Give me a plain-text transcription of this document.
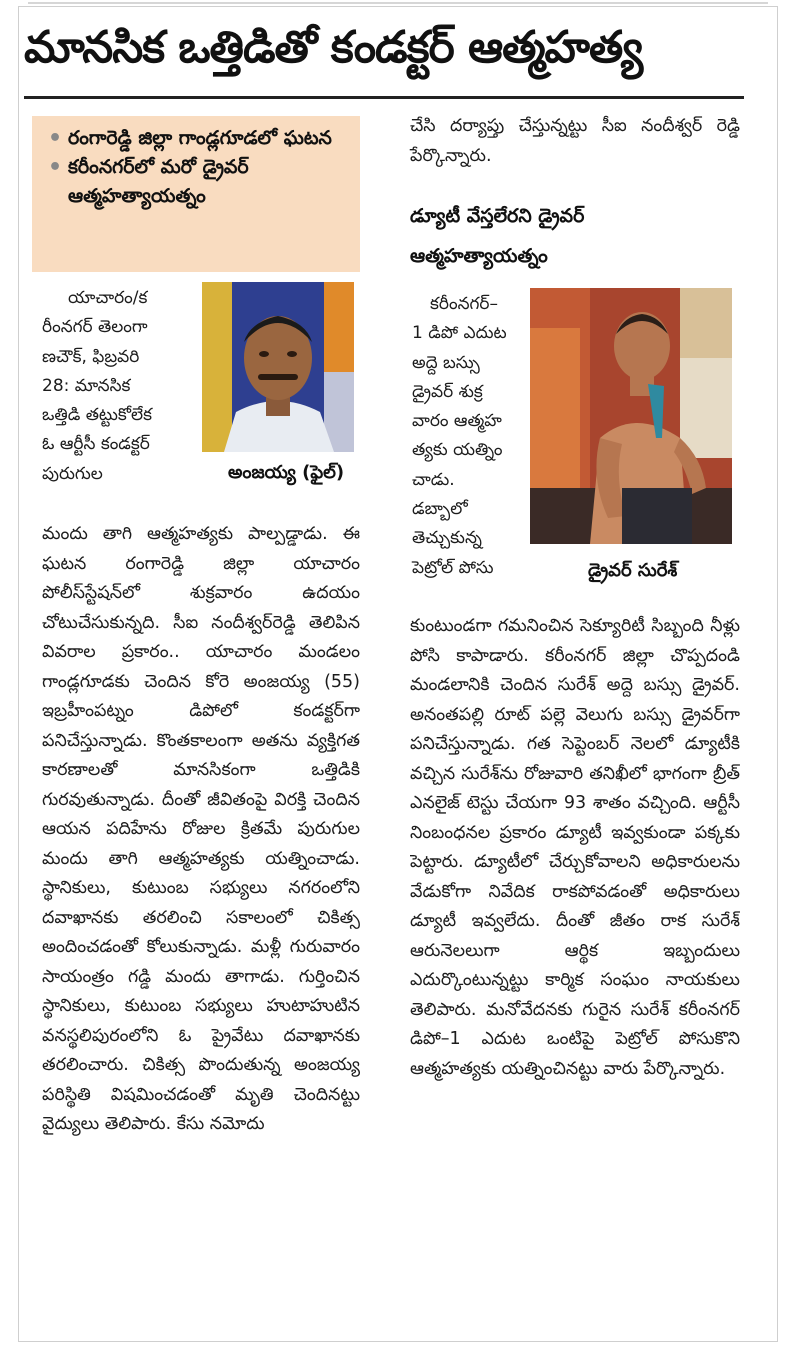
మానసిక ఒత్తిడితో కండక్టర్ ఆత్మహత్య
• రంగారెడ్డి జిల్లా గాండ్లగూడలో ఘటన
• కరీంనగర్‌లో మరో డ్రైవర్ ఆత్మహత్యాయత్నం
యాచారం/క
రీంనగర్ తెలంగా
ణచౌక్, ఫిబ్రవరి
28: మానసిక
ఒత్తిడి తట్టుకోలేక
ఓ ఆర్టీసీ కండక్టర్
పురుగుల	అంజయ్య (ఫైల్)
మందు తాగి ఆత్మహత్యకు పాల్పడ్డాడు. ఈ ఘటన రంగారెడ్డి జిల్లా యాచారం పోలీస్‌స్టేషన్‌లో శుక్రవారం ఉదయం చోటుచేసుకున్నది. సీఐ నందీశ్వర్‌రెడ్డి తెలిపిన వివరాల ప్రకారం.. యాచారం మండలం గాండ్లగూడకు చెందిన కోరె అంజయ్య (55) ఇబ్రహీంపట్నం డిపోలో కండక్టర్‌గా పనిచేస్తున్నాడు. కొంతకాలంగా అతను వ్యక్తిగత కారణాలతో మానసికంగా ఒత్తిడికి గురవుతున్నాడు. దీంతో జీవితంపై విరక్తి చెందిన ఆయన పదిహేను రోజుల క్రితమే పురుగుల మందు తాగి ఆత్మహత్యకు యత్నించాడు. స్థానికులు, కుటుంబ సభ్యులు నగరంలోని దవాఖానకు తరలించి సకాలంలో చికిత్స అందించడంతో కోలుకున్నాడు. మళ్లీ గురువారం సాయంత్రం గడ్డి మందు తాగాడు. గుర్తించిన స్థానికులు, కుటుంబ సభ్యులు హుటాహుటిన వనస్థలిపురంలోని ఓ ప్రైవేటు దవాఖానకు తరలించారు. చికిత్స పొందుతున్న అంజయ్య పరిస్థితి విషమించడంతో మృతి చెందినట్టు వైద్యులు తెలిపారు. కేసు నమోదు
చేసి దర్యాప్తు చేస్తున్నట్టు సీఐ నందీశ్వర్ రెడ్డి పేర్కొన్నారు.
డ్యూటీ వేస్తలేరని డ్రైవర్
ఆత్మహత్యాయత్నం
కరీంనగర్–
1 డిపో ఎదుట
అద్దె బస్సు
డ్రైవర్ శుక్ర
వారం ఆత్మహ
త్యకు యత్నిం
చాడు.
డబ్బాలో
తెచ్చుకున్న
పెట్రోల్ పోసు	డ్రైవర్ సురేశ్
కుంటుండగా గమనించిన సెక్యూరిటీ సిబ్బంది నీళ్లు పోసి కాపాడారు. కరీంనగర్ జిల్లా చొప్పదండి మండలానికి చెందిన సురేశ్ అద్దె బస్సు డ్రైవర్. అనంతపల్లి రూట్ పల్లె వెలుగు బస్సు డ్రైవర్‌గా పనిచేస్తున్నాడు. గత సెప్టెంబర్ నెలలో డ్యూటీకి వచ్చిన సురేశ్‌ను రోజువారి తనిఖీలో భాగంగా బ్రీత్ ఎనలైజ్ టెస్టు చేయగా 93 శాతం వచ్చింది. ఆర్టీసీ నింబంధనల ప్రకారం డ్యూటీ ఇవ్వకుండా పక్కకు పెట్టారు. డ్యూటీలో చేర్చుకోవాలని అధికారులను వేడుకోగా నివేదిక రాకపోవడంతో అధికారులు డ్యూటీ ఇవ్వలేదు. దీంతో జీతం రాక సురేశ్ ఆరునెలలుగా ఆర్థిక ఇబ్బందులు ఎదుర్కొంటున్నట్టు కార్మిక సంఘం నాయకులు తెలిపారు. మనోవేదనకు గురైన సురేశ్ కరీంనగర్ డిపో–1 ఎదుట ఒంటిపై పెట్రోల్ పోసుకొని ఆత్మహత్యకు యత్నించినట్టు వారు పేర్కొన్నారు.
